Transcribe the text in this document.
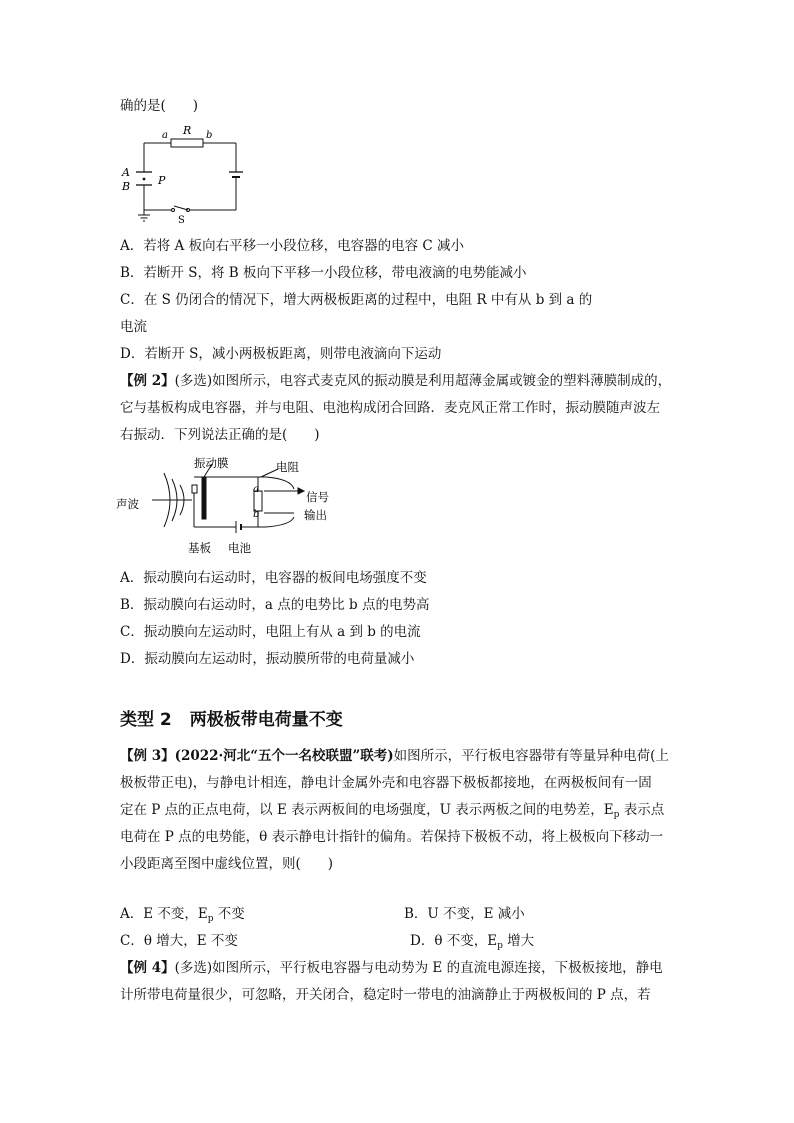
确的是(　　)
a R b
A
B	P
S
A．若将 A 板向右平移一小段位移，电容器的电容 C 减小
B．若断开 S，将 B 板向下平移一小段位移，带电液滴的电势能减小
C．在 S 仍闭合的情况下，增大两极板距离的过程中，电阻 R 中有从 b 到 a 的
电流
D．若断开 S，减小两极板距离，则带电液滴向下运动
【例 2】(多选)如图所示，电容式麦克风的振动膜是利用超薄金属或镀金的塑料薄膜制成的，
它与基板构成电容器，并与电阻、电池构成闭合回路．麦克风正常工作时，振动膜随声波左
右振动．下列说法正确的是(　　)
振动膜	电阻
声波	信号
输出
基板 电池
a
b
A．振动膜向右运动时，电容器的板间电场强度不变
B．振动膜向右运动时，a 点的电势比 b 点的电势高
C．振动膜向左运动时，电阻上有从 a 到 b 的电流
D．振动膜向左运动时，振动膜所带的电荷量减小
类型 2 两极板带电荷量不变
【例 3】(2022·河北“五个一名校联盟”联考)如图所示，平行板电容器带有等量异种电荷(上
极板带正电)，与静电计相连，静电计金属外壳和电容器下极板都接地，在两极板间有一固
定在 P 点的正点电荷，以 E 表示两板间的电场强度，U 表示两板之间的电势差，$E_p$ 表示点
电荷在 P 点的电势能，θ 表示静电计指针的偏角。若保持下极板不动，将上极板向下移动一
小段距离至图中虚线位置，则(　　)
A．E 不变，$E_p$ 不变	B．U 不变，E 减小
C．θ 增大，E 不变	D．θ 不变，$E_p$ 增大
【例 4】(多选)如图所示，平行板电容器与电动势为 E 的直流电源连接，下极板接地，静电
计所带电荷量很少，可忽略，开关闭合，稳定时一带电的油滴静止于两极板间的 P 点，若
